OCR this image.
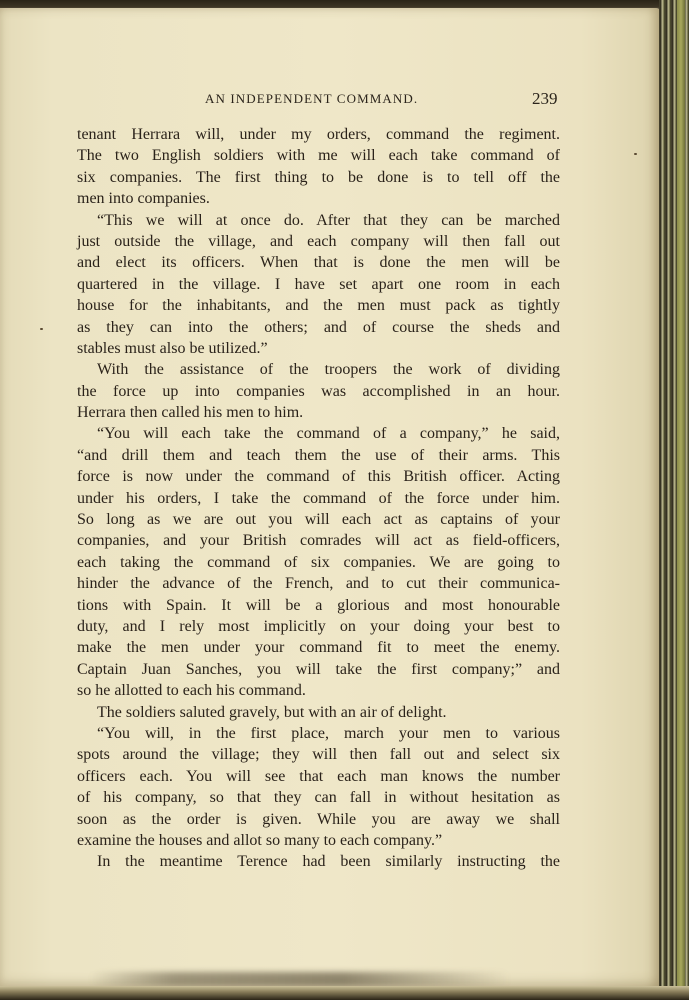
AN INDEPENDENT COMMAND.	239
tenant Herrara will, under my orders, command the regiment.
The two English soldiers with me will each take command of
six companies. The first thing to be done is to tell off the
men into companies.
“This we will at once do. After that they can be marched
just outside the village, and each company will then fall out
and elect its officers. When that is done the men will be
quartered in the village. I have set apart one room in each
house for the inhabitants, and the men must pack as tightly
as they can into the others; and of course the sheds and
stables must also be utilized.”
With the assistance of the troopers the work of dividing
the force up into companies was accomplished in an hour.
Herrara then called his men to him.
“You will each take the command of a company,” he said,
“and drill them and teach them the use of their arms. This
force is now under the command of this British officer. Acting
under his orders, I take the command of the force under him.
So long as we are out you will each act as captains of your
companies, and your British comrades will act as field-officers,
each taking the command of six companies. We are going to
hinder the advance of the French, and to cut their communica-
tions with Spain. It will be a glorious and most honourable
duty, and I rely most implicitly on your doing your best to
make the men under your command fit to meet the enemy.
Captain Juan Sanches, you will take the first company;” and
so he allotted to each his command.
The soldiers saluted gravely, but with an air of delight.
“You will, in the first place, march your men to various
spots around the village; they will then fall out and select six
officers each. You will see that each man knows the number
of his company, so that they can fall in without hesitation as
soon as the order is given. While you are away we shall
examine the houses and allot so many to each company.”
In the meantime Terence had been similarly instructing the
